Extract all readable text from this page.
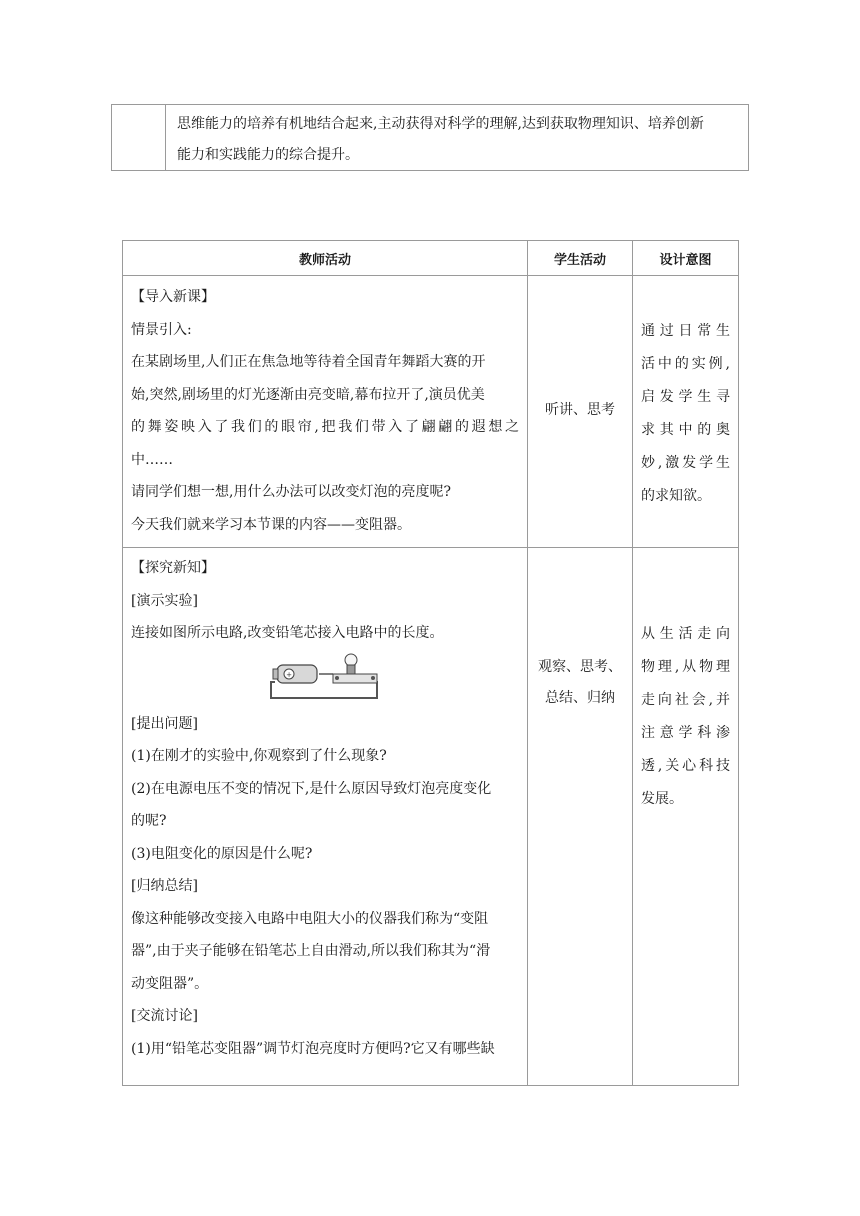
思维能力的培养有机地结合起来,主动获得对科学的理解,达到获取物理知识、培养创新
能力和实践能力的综合提升。
教师活动	学生活动	设计意图
【导入新课】
情景引入:
在某剧场里,人们正在焦急地等待着全国青年舞蹈大赛的开
始,突然,剧场里的灯光逐渐由亮变暗,幕布拉开了,演员优美
的舞姿映入了我们的眼帘,把我们带入了翩翩的遐想之
中……
请同学们想一想,用什么办法可以改变灯泡的亮度呢?
今天我们就来学习本节课的内容——变阻器。
听讲、思考
通过日常生
活中的实例,
启发学生寻
求其中的奥
妙,激发学生
的求知欲。
【探究新知】
[演示实验]
连接如图所示电路,改变铅笔芯接入电路中的长度。
+
[提出问题]
(1)在刚才的实验中,你观察到了什么现象?
(2)在电源电压不变的情况下,是什么原因导致灯泡亮度变化
的呢?
(3)电阻变化的原因是什么呢?
[归纳总结]
像这种能够改变接入电路中电阻大小的仪器我们称为“变阻
器”,由于夹子能够在铅笔芯上自由滑动,所以我们称其为“滑
动变阻器”。
[交流讨论]
(1)用“铅笔芯变阻器”调节灯泡亮度时方便吗?它又有哪些缺
观察、思考、
总结、归纳
从生活走向
物理,从物理
走向社会,并
注意学科渗
透,关心科技
发展。
